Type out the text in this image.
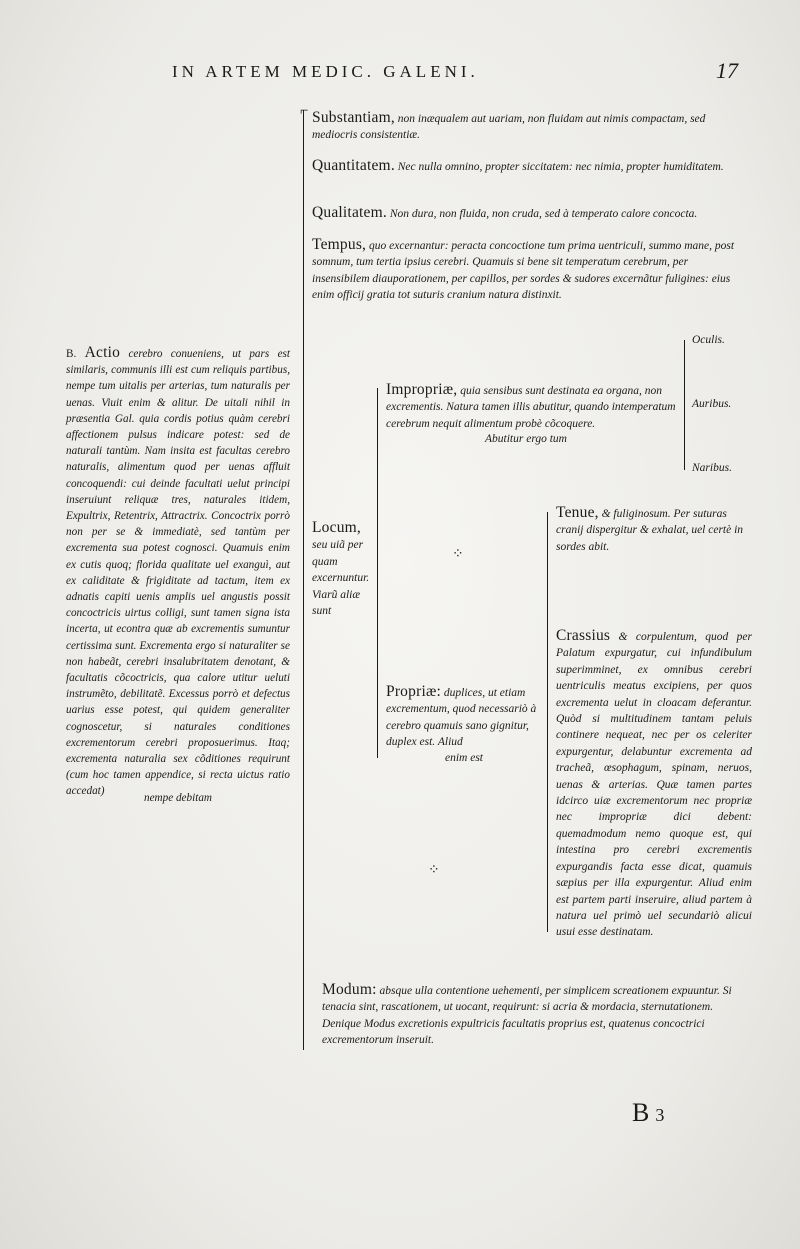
IN ARTEM MEDIC. GALENI.	17
⌐ Substantiam, non inæqualem aut uariam, non fluidam aut nimis compactam, sed mediocris consistentiæ.
Quantitatem. Nec nulla omnino, propter siccitatem: nec nimia, propter humiditatem.
Qualitatem. Non dura, non fluida, non cruda, sed à temperato calore concocta.
Tempus, quo excernantur: peracta concoctione tum prima uentriculi, summo mane, post somnum, tum tertia ipsius cerebri. Quamuis si bene sit temperatum cerebrum, per insensibilem diauporationem, per capillos, per sordes & sudores excernãtur fuligines: eius enim officij gratia tot suturis cranium natura distinxit.
B. Actio cerebro conueniens, ut pars est similaris, communis illi est cum reliquis partibus, nempe tum uitalis per arterias, tum naturalis per uenas. Viuit enim & alitur. De uitali nihil in præsentia Gal. quia cordis potius quàm cerebri affectionem pulsus indicare potest: sed de naturali tantùm. Nam insita est facultas cerebro naturalis, alimentum quod per uenas affluit concoquendi: cui deinde facultati uelut principi inseruiunt reliquæ tres, naturales itidem, Expultrix, Retentrix, Attractrix. Concoctrix porrò non per se & immediatè, sed tantùm per excrementa sua potest cognosci. Quamuis enim ex cutis quoq; florida qualitate uel exanguì, aut ex caliditate & frigiditate ad tactum, item ex adnatis capiti uenis amplis uel angustis possit concoctricis uirtus colligi, sunt tamen signa ista incerta, ut econtra quæ ab excrementis sumuntur certissima sunt. Excrementa ergo si naturaliter se non habeãt, cerebri insalubritatem denotant, & facultatis cõcoctricis, qua calore utitur ueluti instrumẽto, debilitatẽ. Excessus porrò et defectus uarius esse potest, qui quidem generaliter cognoscetur, si naturales conditiones excrementorum cerebri proposuerimus. Itaq; excrementa naturalia sex cõditiones requirunt (cum hoc tamen appendice, si recta uictus ratio accedat)
nempe debitam
Locum, seu uiã per quam excernuntur. Viarũ aliæ sunt
⁘
⁘
Impropriæ, quia sensibus sunt destinata ea organa, non excrementis. Natura tamen illis abutitur, quando intemperatum cerebrum nequit alimentum probè cõcoquere.
Abutitur ergo tum
Oculis.
Auribus.
Naribus.
Propriæ: duplices, ut etiam excrementum, quod necessariò à cerebro quamuis sano gignitur, duplex est. Aliud
enim est
Tenue, & fuliginosum. Per suturas cranij dispergitur & exhalat, uel certè in sordes abit.
Crassius & corpulentum, quod per Palatum expurgatur, cui infundibulum superimminet, ex omnibus cerebri uentriculis meatus excipiens, per quos excrementa uelut in cloacam deferantur. Quòd si multitudinem tantam peluis continere nequeat, nec per os celeriter expurgentur, delabuntur excrementa ad tracheã, œsophagum, spinam, neruos, uenas & arterias. Quæ tamen partes idcirco uiæ excrementorum nec propriæ nec impropriæ dici debent: quemadmodum nemo quoque est, qui intestina pro cerebri excrementis expurgandis facta esse dicat, quamuis sæpius per illa expurgentur. Aliud enim est partem parti inseruire, aliud partem à natura uel primò uel secundariò alicui usui esse destinatam.
Modum: absque ulla contentione uehementi, per simplicem screationem expuuntur. Si tenacia sint, rascationem, ut uocant, requirunt: si acria & mordacia, sternutationem. Denique Modus excretionis expultricis facultatis proprius est, quatenus concoctrici excrementorum inseruit.
B 3
